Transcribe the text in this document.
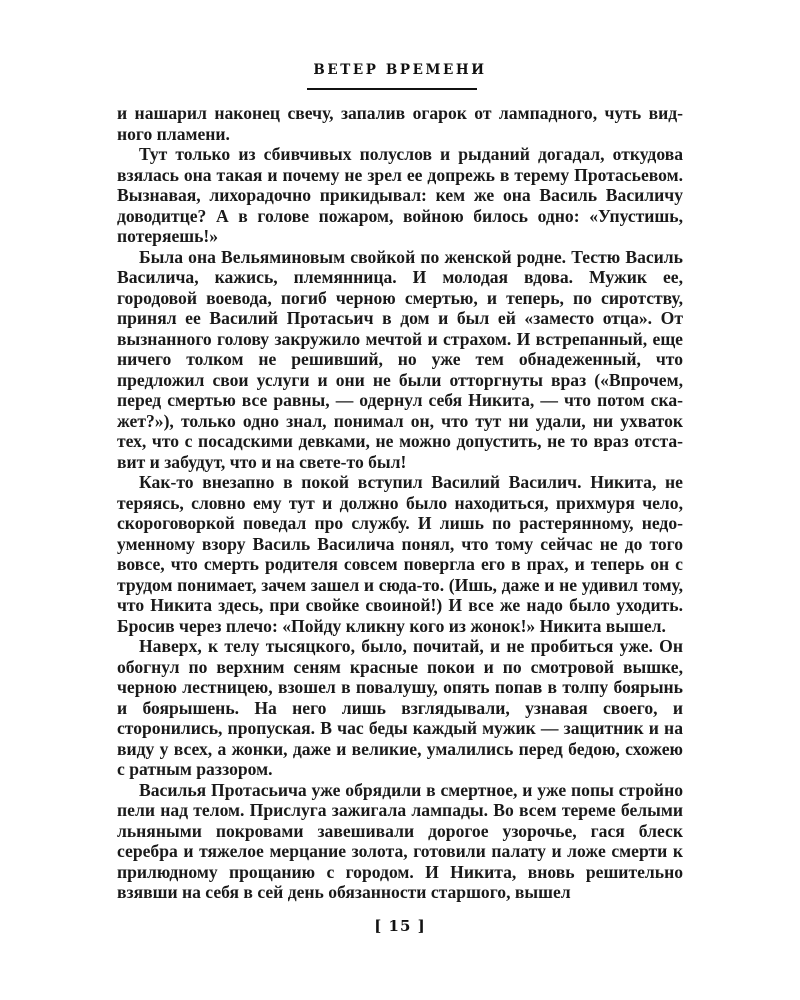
ВЕТЕР ВРЕМЕНИ

и нашарил наконец свечу, запалив огарок от лампадного, чуть видного пламени.

Тут только из сбивчивых полуслов и рыданий догадал, откудова взялась она такая и почему не зрел ее допрежь в терему Протасьевом. Вызнавая, лихорадочно прикидывал: кем же она Василь Василичу доводитце? А в голове пожаром, войною билось одно: «Упустишь, потеряешь!»

Была она Вельяминовым свойкой по женской родне. Тестю Василь Василича, кажись, племянница. И молодая вдова. Мужик ее, городовой воевода, погиб черною смертью, и теперь, по сиротству, принял ее Василий Протасьич в дом и был ей «заместо отца». От вызнанного голову закружило мечтой и страхом. И встрепанный, еще ничего толком не решивший, но уже тем обнадеженный, что предложил свои услуги и они не были отторгнуты враз («Впрочем, перед смертью все равны, — одернул себя Никита, — что потом скажет?»), только одно знал, понимал он, что тут ни удали, ни ухваток тех, что с посадскими девками, не можно допустить, не то враз отставит и забудут, что и на свете-то был!

Как-то внезапно в покой вступил Василий Василич. Никита, не теряясь, словно ему тут и должно было находиться, прихмуря чело, скороговоркой поведал про службу. И лишь по растерянному, недоуменному взору Василь Василича понял, что тому сейчас не до того вовсе, что смерть родителя совсем повергла его в прах, и теперь он с трудом понимает, зачем зашел и сюда-то. (Ишь, даже и не удивил тому, что Никита здесь, при свойке своиной!) И все же надо было уходить. Бросив через плечо: «Пойду кликну кого из жонок!» Никита вышел.

Наверх, к телу тысяцкого, было, почитай, и не пробиться уже. Он обогнул по верхним сеням красные покои и по смотровой вышке, черною лестницею, взошел в повалушу, опять попав в толпу боярынь и боярышень. На него лишь взглядывали, узнавая своего, и сторонились, пропуская. В час беды каждый мужик — защитник и на виду у всех, а жонки, даже и великие, умалились перед бедою, схожею с ратным раззором.

Василья Протасьича уже обрядили в смертное, и уже попы стройно пели над телом. Прислуга зажигала лампады. Во всем тереме белыми льняными покровами завешивали дорогое узорочье, гася блеск серебра и тяжелое мерцание золота, готовили палату и ложе смерти к прилюдному прощанию с городом. И Никита, вновь решительно взявши на себя в сей день обязанности старшого, вышел

[ 15 ]
